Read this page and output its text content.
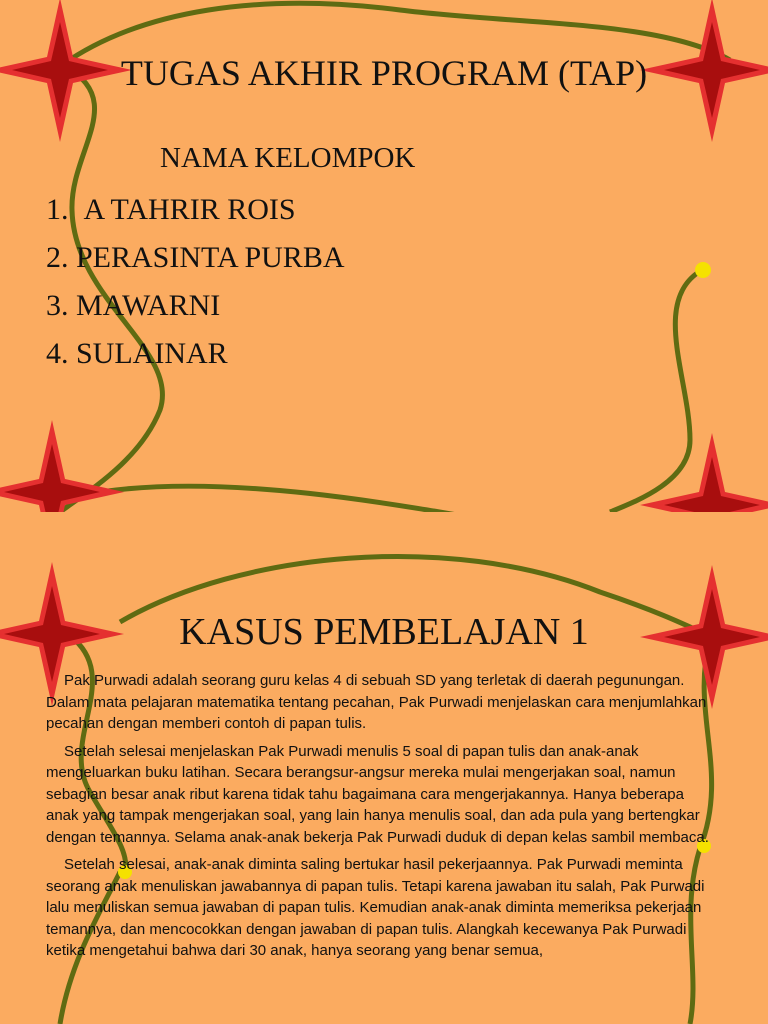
TUGAS AKHIR PROGRAM (TAP)
NAMA KELOMPOK
1. A TAHRIR ROIS
2. PERASINTA PURBA
3. MAWARNI
4. SULAINAR
KASUS PEMBELAJAN 1

Pak Purwadi adalah seorang guru kelas 4 di sebuah SD yang terletak di daerah pegunungan. Dalam mata pelajaran matematika tentang pecahan, Pak Purwadi menjelaskan cara menjumlahkan pecahan dengan memberi contoh di papan tulis.

Setelah selesai menjelaskan Pak Purwadi menulis 5 soal di papan tulis dan anak-anak mengeluarkan buku latihan. Secara berangsur-angsur mereka mulai mengerjakan soal, namun sebagian besar anak ribut karena tidak tahu bagaimana cara mengerjakannya. Hanya beberapa anak yang tampak mengerjakan soal, yang lain hanya menulis soal, dan ada pula yang bertengkar dengan temannya. Selama anak-anak bekerja Pak Purwadi duduk di depan kelas sambil membaca.

Setelah selesai, anak-anak diminta saling bertukar hasil pekerjaannya. Pak Purwadi meminta seorang anak menuliskan jawabannya di papan tulis. Tetapi karena jawaban itu salah, Pak Purwadi lalu menuliskan semua jawaban di papan tulis. Kemudian anak-anak diminta memeriksa pekerjaan temannya, dan mencocokkan dengan jawaban di papan tulis. Alangkah kecewanya Pak Purwadi ketika mengetahui bahwa dari 30 anak, hanya seorang yang benar semua,
